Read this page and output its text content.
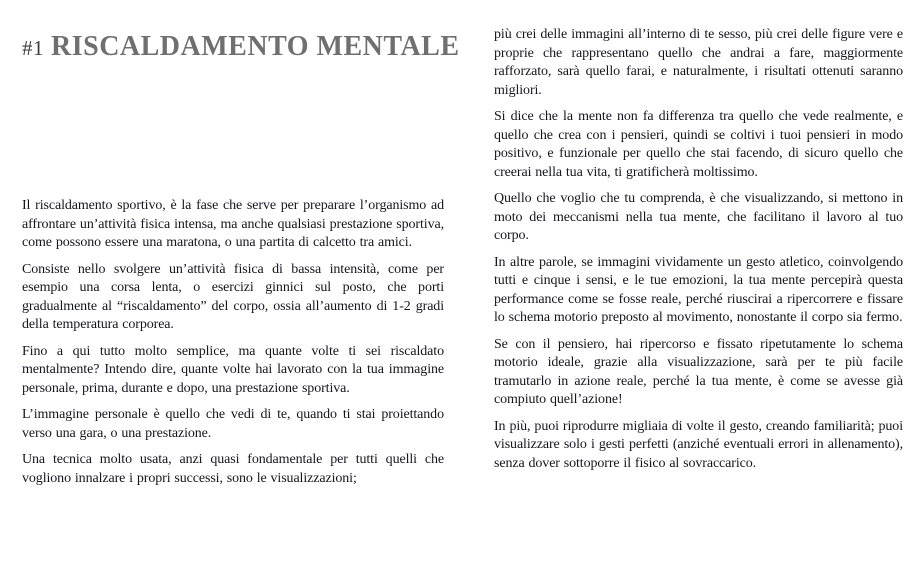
#1 RISCALDAMENTO MENTALE

Il riscaldamento sportivo, è la fase che serve per preparare l’organismo ad affrontare un’attività fisica intensa, ma anche qualsiasi prestazione sportiva, come possono essere una maratona, o una partita di calcetto tra amici.

Consiste nello svolgere un’attività fisica di bassa intensità, come per esempio una corsa lenta, o esercizi ginnici sul posto, che porti gradualmente al “riscaldamento” del corpo, ossia all’aumento di 1-2 gradi della temperatura corporea.

Fino a qui tutto molto semplice, ma quante volte ti sei riscaldato mentalmente? Intendo dire, quante volte hai lavorato con la tua immagine personale, prima, durante e dopo, una prestazione sportiva.

L’immagine personale è quello che vedi di te, quando ti stai proiettando verso una gara, o una prestazione.

Una tecnica molto usata, anzi quasi fondamentale per tutti quelli che vogliono innalzare i propri successi, sono le visualizzazioni;

più crei delle immagini all’interno di te sesso, più crei delle figure vere e proprie che rappresentano quello che andrai a fare, maggiormente rafforzato, sarà quello farai, e naturalmente, i risultati ottenuti saranno migliori.

Si dice che la mente non fa differenza tra quello che vede realmente, e quello che crea con i pensieri, quindi se coltivi i tuoi pensieri in modo positivo, e funzionale per quello che stai facendo, di sicuro quello che creerai nella tua vita, ti gratificherà moltissimo.

Quello che voglio che tu comprenda, è che visualizzando, si mettono in moto dei meccanismi nella tua mente, che facilitano il lavoro al tuo corpo.

In altre parole, se immagini vividamente un gesto atletico, coinvolgendo tutti e cinque i sensi, e le tue emozioni, la tua mente percepirà questa performance come se fosse reale, perché riuscirai a ripercorrere e fissare lo schema motorio preposto al movimento, nonostante il corpo sia fermo.

Se con il pensiero, hai ripercorso e fissato ripetutamente lo schema motorio ideale, grazie alla visualizzazione, sarà per te più facile tramutarlo in azione reale, perché la tua mente, è come se avesse già compiuto quell’azione!

In più, puoi riprodurre migliaia di volte il gesto, creando familiarità; puoi visualizzare solo i gesti perfetti (anziché eventuali errori in allenamento), senza dover sottoporre il fisico al sovraccarico.
